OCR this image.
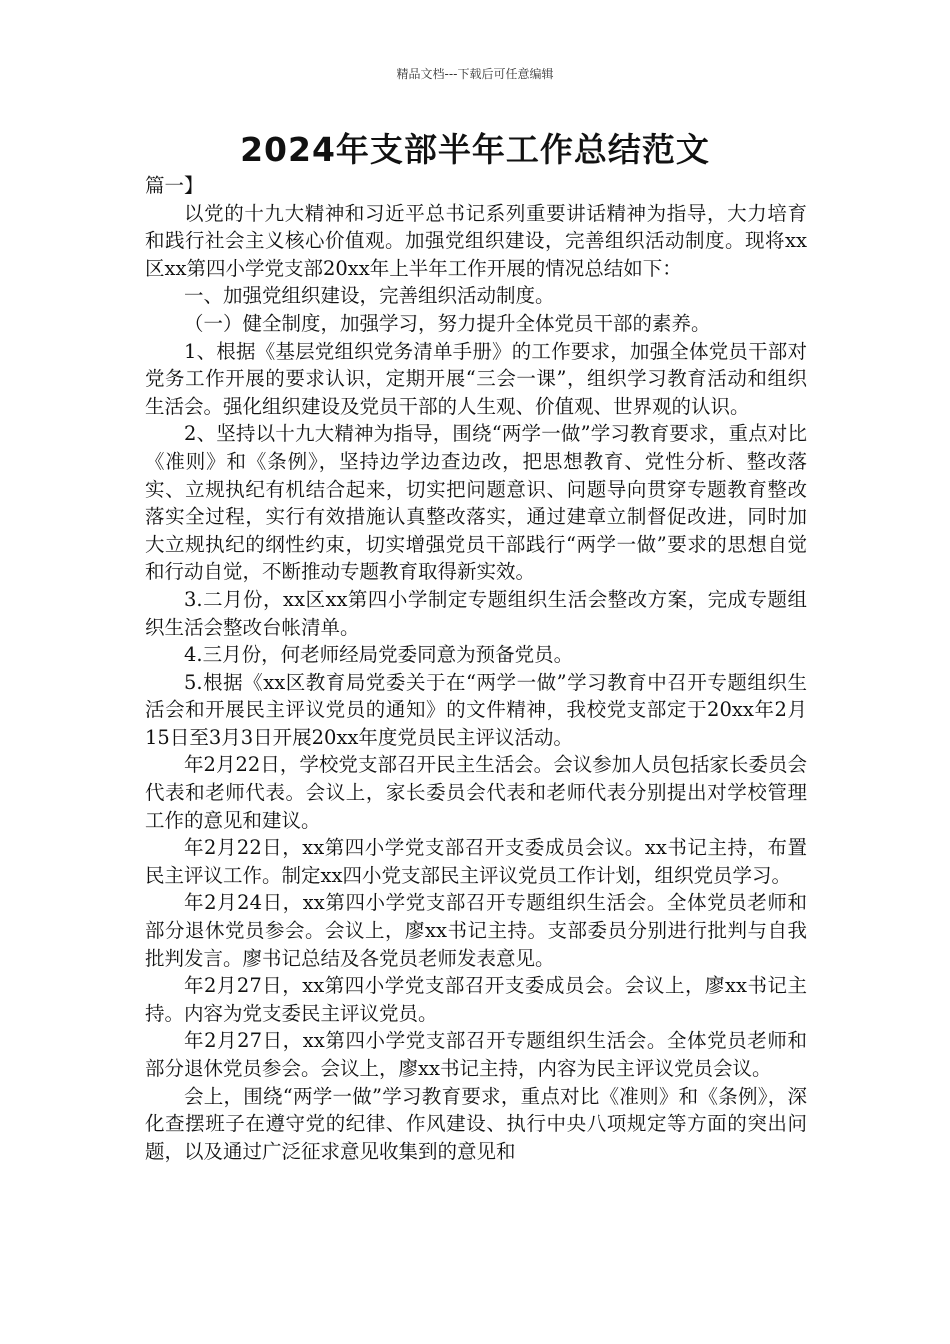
精品文档---下载后可任意编辑
2024年支部半年工作总结范文

篇一】

以党的十九大精神和习近平总书记系列重要讲话精神为指导，大力培育和践行社会主义核心价值观。加强党组织建设，完善组织活动制度。现将xx区xx第四小学党支部20xx年上半年工作开展的情况总结如下：

一、加强党组织建设，完善组织活动制度。

（一）健全制度，加强学习，努力提升全体党员干部的素养。

1、根据《基层党组织党务清单手册》的工作要求，加强全体党员干部对党务工作开展的要求认识，定期开展“三会一课”，组织学习教育活动和组织生活会。强化组织建设及党员干部的人生观、价值观、世界观的认识。

2、坚持以十九大精神为指导，围绕“两学一做”学习教育要求，重点对比《准则》和《条例》，坚持边学边查边改，把思想教育、党性分析、整改落实、立规执纪有机结合起来，切实把问题意识、问题导向贯穿专题教育整改落实全过程，实行有效措施认真整改落实，通过建章立制督促改进，同时加大立规执纪的纲性约束，切实增强党员干部践行“两学一做”要求的思想自觉和行动自觉，不断推动专题教育取得新实效。

3.二月份，xx区xx第四小学制定专题组织生活会整改方案，完成专题组织生活会整改台帐清单。

4.三月份，何老师经局党委同意为预备党员。

5.根据《xx区教育局党委关于在“两学一做”学习教育中召开专题组织生活会和开展民主评议党员的通知》的文件精神，我校党支部定于20xx年2月15日至3月3日开展20xx年度党员民主评议活动。

年2月22日，学校党支部召开民主生活会。会议参加人员包括家长委员会代表和老师代表。会议上，家长委员会代表和老师代表分别提出对学校管理工作的意见和建议。

年2月22日，xx第四小学党支部召开支委成员会议。xx书记主持，布置民主评议工作。制定xx四小党支部民主评议党员工作计划，组织党员学习。

年2月24日，xx第四小学党支部召开专题组织生活会。全体党员老师和部分退休党员参会。会议上，廖xx书记主持。支部委员分别进行批判与自我批判发言。廖书记总结及各党员老师发表意见。

年2月27日，xx第四小学党支部召开支委成员会。会议上，廖xx书记主持。内容为党支委民主评议党员。

年2月27日，xx第四小学党支部召开专题组织生活会。全体党员老师和部分退休党员参会。会议上，廖xx书记主持，内容为民主评议党员会议。

会上，围绕“两学一做”学习教育要求，重点对比《准则》和《条例》，深化查摆班子在遵守党的纪律、作风建设、执行中央八项规定等方面的突出问题，以及通过广泛征求意见收集到的意见和
